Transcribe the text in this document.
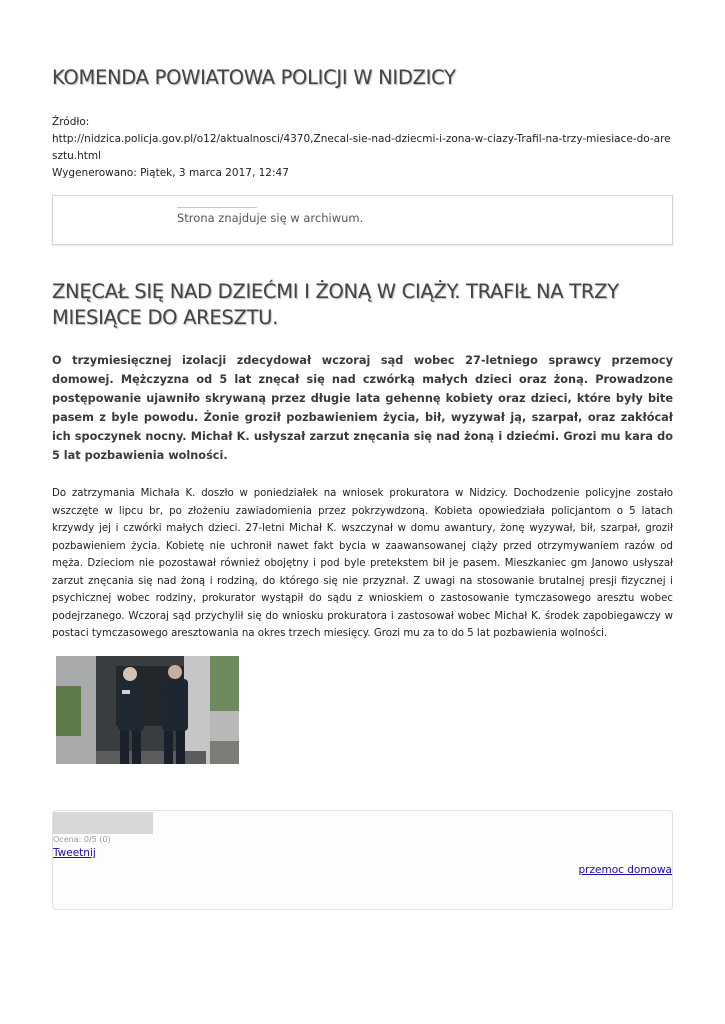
KOMENDA POWIATOWA POLICJI W NIDZICY
Źródło:
http://nidzica.policja.gov.pl/o12/aktualnosci/4370,Znecal-sie-nad-dziecmi-i-zona-w-ciazy-Trafil-na-trzy-miesiace-do-aresztu.html
Wygenerowano: Piątek, 3 marca 2017, 12:47
Strona znajduje się w archiwum.
ZNĘCAŁ SIĘ NAD DZIEĆMI I ŻONĄ W CIĄŻY. TRAFIŁ NA TRZY MIESIĄCE DO ARESZTU.

O trzymiesięcznej izolacji zdecydował wczoraj sąd wobec 27-letniego sprawcy przemocy domowej. Mężczyzna od 5 lat znęcał się nad czwórką małych dzieci oraz żoną. Prowadzone postępowanie ujawniło skrywaną przez długie lata gehennę kobiety oraz dzieci, które były bite pasem z byle powodu. Żonie groził pozbawieniem życia, bił, wyzywał ją, szarpał, oraz zakłócał ich spoczynek nocny. Michał K. usłyszał zarzut znęcania się nad żoną i dziećmi. Grozi mu kara do 5 lat pozbawienia wolności.

Do zatrzymania Michała K. doszło w poniedziałek na wniosek prokuratora w Nidzicy. Dochodzenie policyjne zostało wszczęte w lipcu br, po złożeniu zawiadomienia przez pokrzywdzoną. Kobieta opowiedziała policjantom o 5 latach krzywdy jej i czwórki małych dzieci. 27-letni Michał K. wszczynał w domu awantury, żonę wyzywał, bił, szarpał, groził pozbawieniem życia. Kobietę nie uchronił nawet fakt bycia w zaawansowanej ciąży przed otrzymywaniem razów od męża. Dzieciom nie pozostawał również obojętny i pod byle pretekstem bił je pasem. Mieszkaniec gm Janowo usłyszał zarzut znęcania się nad żoną i rodziną, do którego się nie przyznał. Z uwagi na stosowanie brutalnej presji fizycznej i psychicznej wobec rodziny, prokurator wystąpił do sądu z wnioskiem o zastosowanie tymczasowego aresztu wobec podejrzanego. Wczoraj sąd przychylił się do wniosku prokuratora i zastosował wobec Michał K. środek zapobiegawczy w postaci tymczasowego aresztowania na okres trzech miesięcy. Grozi mu za to do 5 lat pozbawienia wolności.

Ocena: 0/5 (0)
Tweetnij
przemoc domowa
